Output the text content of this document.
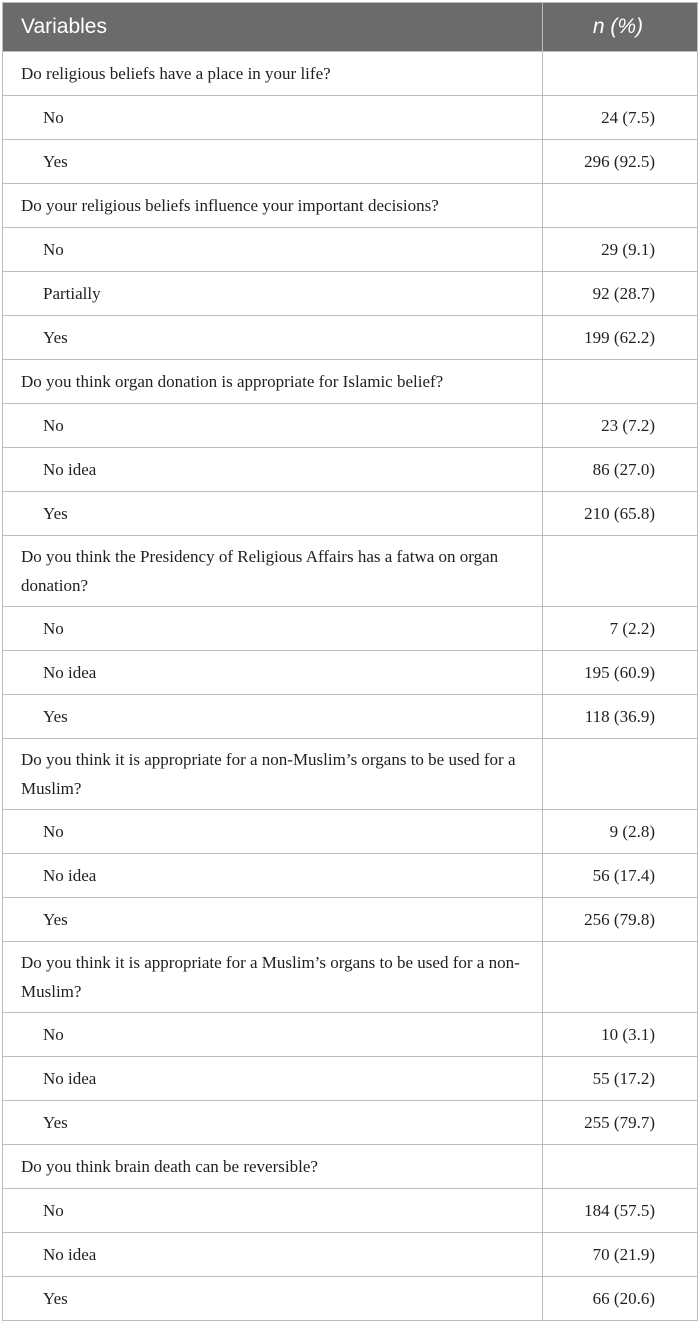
Variables	n (%)
Do religious beliefs have a place in your life?	
No	24 (7.5)
Yes	296 (92.5)
Do your religious beliefs influence your important decisions?	
No	29 (9.1)
Partially	92 (28.7)
Yes	199 (62.2)
Do you think organ donation is appropriate for Islamic belief?	
No	23 (7.2)
No idea	86 (27.0)
Yes	210 (65.8)
Do you think the Presidency of Religious Affairs has a fatwa on organ donation?	
No	7 (2.2)
No idea	195 (60.9)
Yes	118 (36.9)
Do you think it is appropriate for a non-Muslim’s organs to be used for a Muslim?	
No	9 (2.8)
No idea	56 (17.4)
Yes	256 (79.8)
Do you think it is appropriate for a Muslim’s organs to be used for a non-Muslim?	
No	10 (3.1)
No idea	55 (17.2)
Yes	255 (79.7)
Do you think brain death can be reversible?	
No	184 (57.5)
No idea	70 (21.9)
Yes	66 (20.6)
